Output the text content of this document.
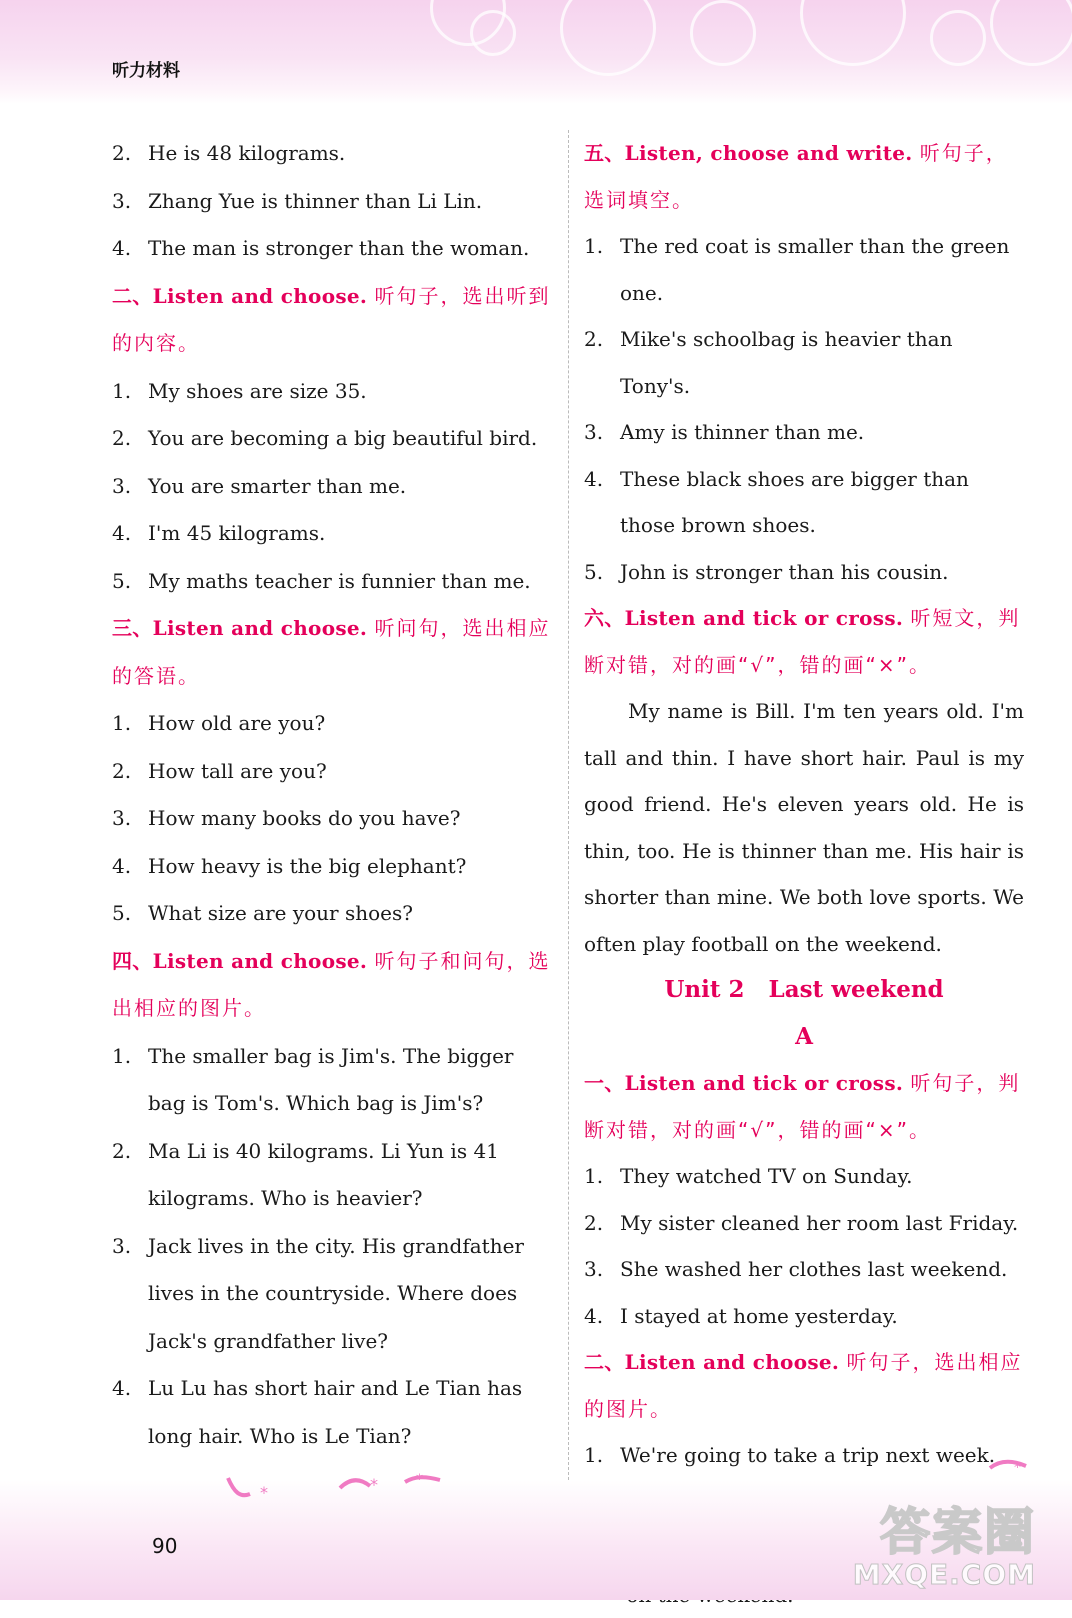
听力材料
2. He is 48 kilograms.
3. Zhang Yue is thinner than Li Lin.
4. The man is stronger than the woman.
二、Listen and choose. 听句子，选出听到的内容。
1. My shoes are size 35.
2. You are becoming a big beautiful bird.
3. You are smarter than me.
4. I'm 45 kilograms.
5. My maths teacher is funnier than me.
三、Listen and choose. 听问句，选出相应的答语。
1. How old are you?
2. How tall are you?
3. How many books do you have?
4. How heavy is the big elephant?
5. What size are your shoes?
四、Listen and choose. 听句子和问句，选出相应的图片。
1. The smaller bag is Jim's. The bigger bag is Tom's. Which bag is Jim's?
2. Ma Li is 40 kilograms. Li Yun is 41 kilograms. Who is heavier?
3. Jack lives in the city. His grandfather lives in the countryside. Where does Jack's grandfather live?
4. Lu Lu has short hair and Le Tian has long hair. Who is Le Tian?
五、Listen, choose and write. 听句子，选词填空。
1. The red coat is smaller than the green one.
2. Mike's schoolbag is heavier than Tony's.
3. Amy is thinner than me.
4. These black shoes are bigger than those brown shoes.
5. John is stronger than his cousin.
六、Listen and tick or cross. 听短文，判断对错，对的画“√”，错的画“×”。
My name is Bill. I'm ten years old. I'm tall and thin. I have short hair. Paul is my good friend. He's eleven years old. He is thin, too. He is thinner than me. His hair is shorter than mine. We both love sports. We often play football on the weekend.
Unit 2   Last weekend
A
一、Listen and tick or cross. 听句子，判断对错，对的画“√”，错的画“×”。
1. They watched TV on Sunday.
2. My sister cleaned her room last Friday.
3. She washed her clothes last weekend.
4. I stayed at home yesterday.
二、Listen and choose. 听句子，选出相应的图片。
1. We're going to take a trip next week.
*	*	*
*
90	答案圈
MXQE.COM
